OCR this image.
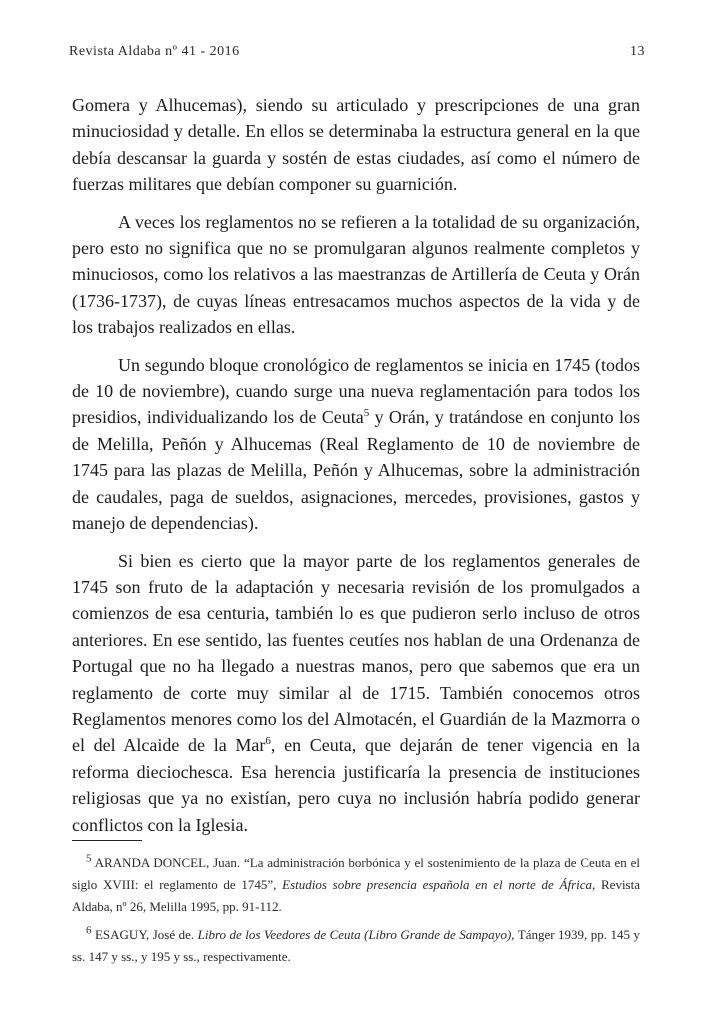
Revista Aldaba nº 41 - 2016	13

Gomera y Alhucemas), siendo su articulado y prescripciones de una gran minuciosidad y detalle. En ellos se determinaba la estructura general en la que debía descansar la guarda y sostén de estas ciudades, así como el número de fuerzas militares que debían componer su guarnición.

A veces los reglamentos no se refieren a la totalidad de su organización, pero esto no significa que no se promulgaran algunos realmente completos y minuciosos, como los relativos a las maestranzas de Artillería de Ceuta y Orán (1736-1737), de cuyas líneas entresacamos muchos aspectos de la vida y de los trabajos realizados en ellas.

Un segundo bloque cronológico de reglamentos se inicia en 1745 (todos de 10 de noviembre), cuando surge una nueva reglamentación para todos los presidios, individualizando los de Ceuta$^5$ y Orán, y tratándose en conjunto los de Melilla, Peñón y Alhucemas (Real Reglamento de 10 de noviembre de 1745 para las plazas de Melilla, Peñón y Alhucemas, sobre la administración de caudales, paga de sueldos, asignaciones, mercedes, provisiones, gastos y manejo de dependencias).

Si bien es cierto que la mayor parte de los reglamentos generales de 1745 son fruto de la adaptación y necesaria revisión de los promulgados a comienzos de esa centuria, también lo es que pudieron serlo incluso de otros anteriores. En ese sentido, las fuentes ceutíes nos hablan de una Ordenanza de Portugal que no ha llegado a nuestras manos, pero que sabemos que era un reglamento de corte muy similar al de 1715. También conocemos otros Reglamentos menores como los del Almotacén, el Guardián de la Mazmorra o el del Alcaide de la Mar$^6$, en Ceuta, que dejarán de tener vigencia en la reforma dieciochesca. Esa herencia justificaría la presencia de instituciones religiosas que ya no existían, pero cuya no inclusión habría podido generar conflictos con la Iglesia.

$^5$ ARANDA DONCEL, Juan. “La administración borbónica y el sostenimiento de la plaza de Ceuta en el siglo XVIII: el reglamento de 1745”, Estudios sobre presencia española en el norte de África, Revista Aldaba, nº 26, Melilla 1995, pp. 91-112.

$^6$ ESAGUY, José de. Libro de los Veedores de Ceuta (Libro Grande de Sampayo), Tánger 1939, pp. 145 y ss. 147 y ss., y 195 y ss., respectivamente.
